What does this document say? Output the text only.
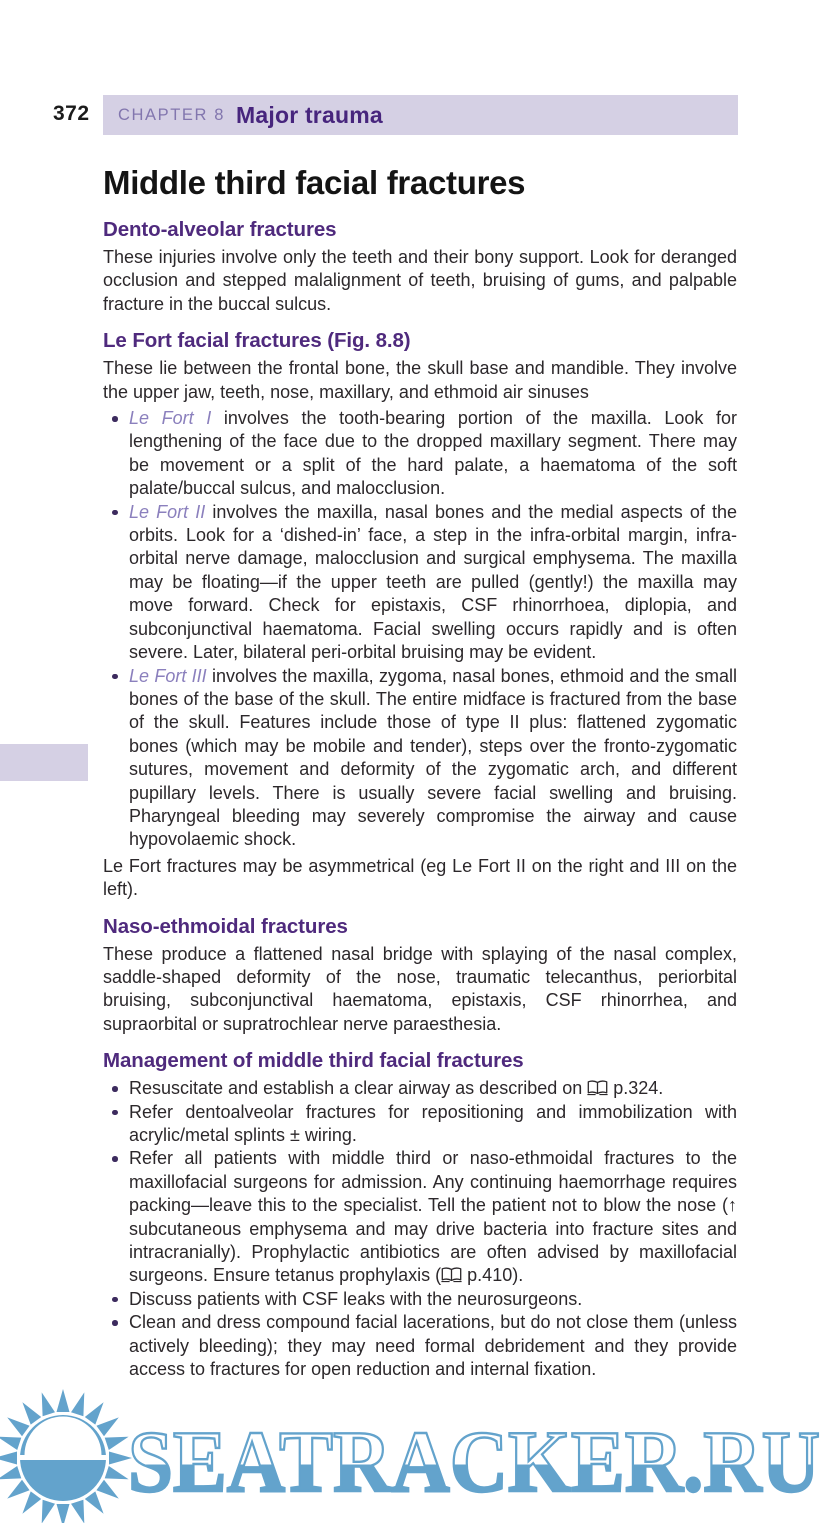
372 CHAPTER 8 Major trauma
Middle third facial fractures
Dento-alveolar fractures

These injuries involve only the teeth and their bony support. Look for deranged occlusion and stepped malalignment of teeth, bruising of gums, and palpable fracture in the buccal sulcus.

Le Fort facial fractures (Fig. 8.8)

These lie between the frontal bone, the skull base and mandible. They involve the upper jaw, teeth, nose, maxillary, and ethmoid air sinuses

Le Fort I involves the tooth-bearing portion of the maxilla. Look for lengthening of the face due to the dropped maxillary segment. There may be movement or a split of the hard palate, a haematoma of the soft palate/buccal sulcus, and malocclusion.
Le Fort II involves the maxilla, nasal bones and the medial aspects of the orbits. Look for a ‘dished-in’ face, a step in the infra-orbital margin, infra-orbital nerve damage, malocclusion and surgical emphysema. The maxilla may be floating—if the upper teeth are pulled (gently!) the maxilla may move forward. Check for epistaxis, CSF rhinorrhoea, diplopia, and subconjunctival haematoma. Facial swelling occurs rapidly and is often severe. Later, bilateral peri-orbital bruising may be evident.
Le Fort III involves the maxilla, zygoma, nasal bones, ethmoid and the small bones of the base of the skull. The entire midface is fractured from the base of the skull. Features include those of type II plus: flattened zygomatic bones (which may be mobile and tender), steps over the fronto-zygomatic sutures, movement and deformity of the zygomatic arch, and different pupillary levels. There is usually severe facial swelling and bruising. Pharyngeal bleeding may severely compromise the airway and cause hypovolaemic shock.

Le Fort fractures may be asymmetrical (eg Le Fort II on the right and III on the left).

Naso-ethmoidal fractures

These produce a flattened nasal bridge with splaying of the nasal complex, saddle-shaped deformity of the nose, traumatic telecanthus, periorbital bruising, subconjunctival haematoma, epistaxis, CSF rhinorrhea, and supraorbital or supratrochlear nerve paraesthesia.

Management of middle third facial fractures
Resuscitate and establish a clear airway as described on  p.324.
Refer dentoalveolar fractures for repositioning and immobilization with acrylic/metal splints ± wiring.
Refer all patients with middle third or naso-ethmoidal fractures to the maxillofacial surgeons for admission. Any continuing haemorrhage requires packing—leave this to the specialist. Tell the patient not to blow the nose (↑ subcutaneous emphysema and may drive bacteria into fracture sites and intracranially). Prophylactic antibiotics are often advised by maxillofacial surgeons. Ensure tetanus prophylaxis ( p.410).
Discuss patients with CSF leaks with the neurosurgeons.
Clean and dress compound facial lacerations, but do not close them (unless actively bleeding); they may need formal debridement and they provide access to fractures for open reduction and internal fixation.
SEATRACKER.RU
